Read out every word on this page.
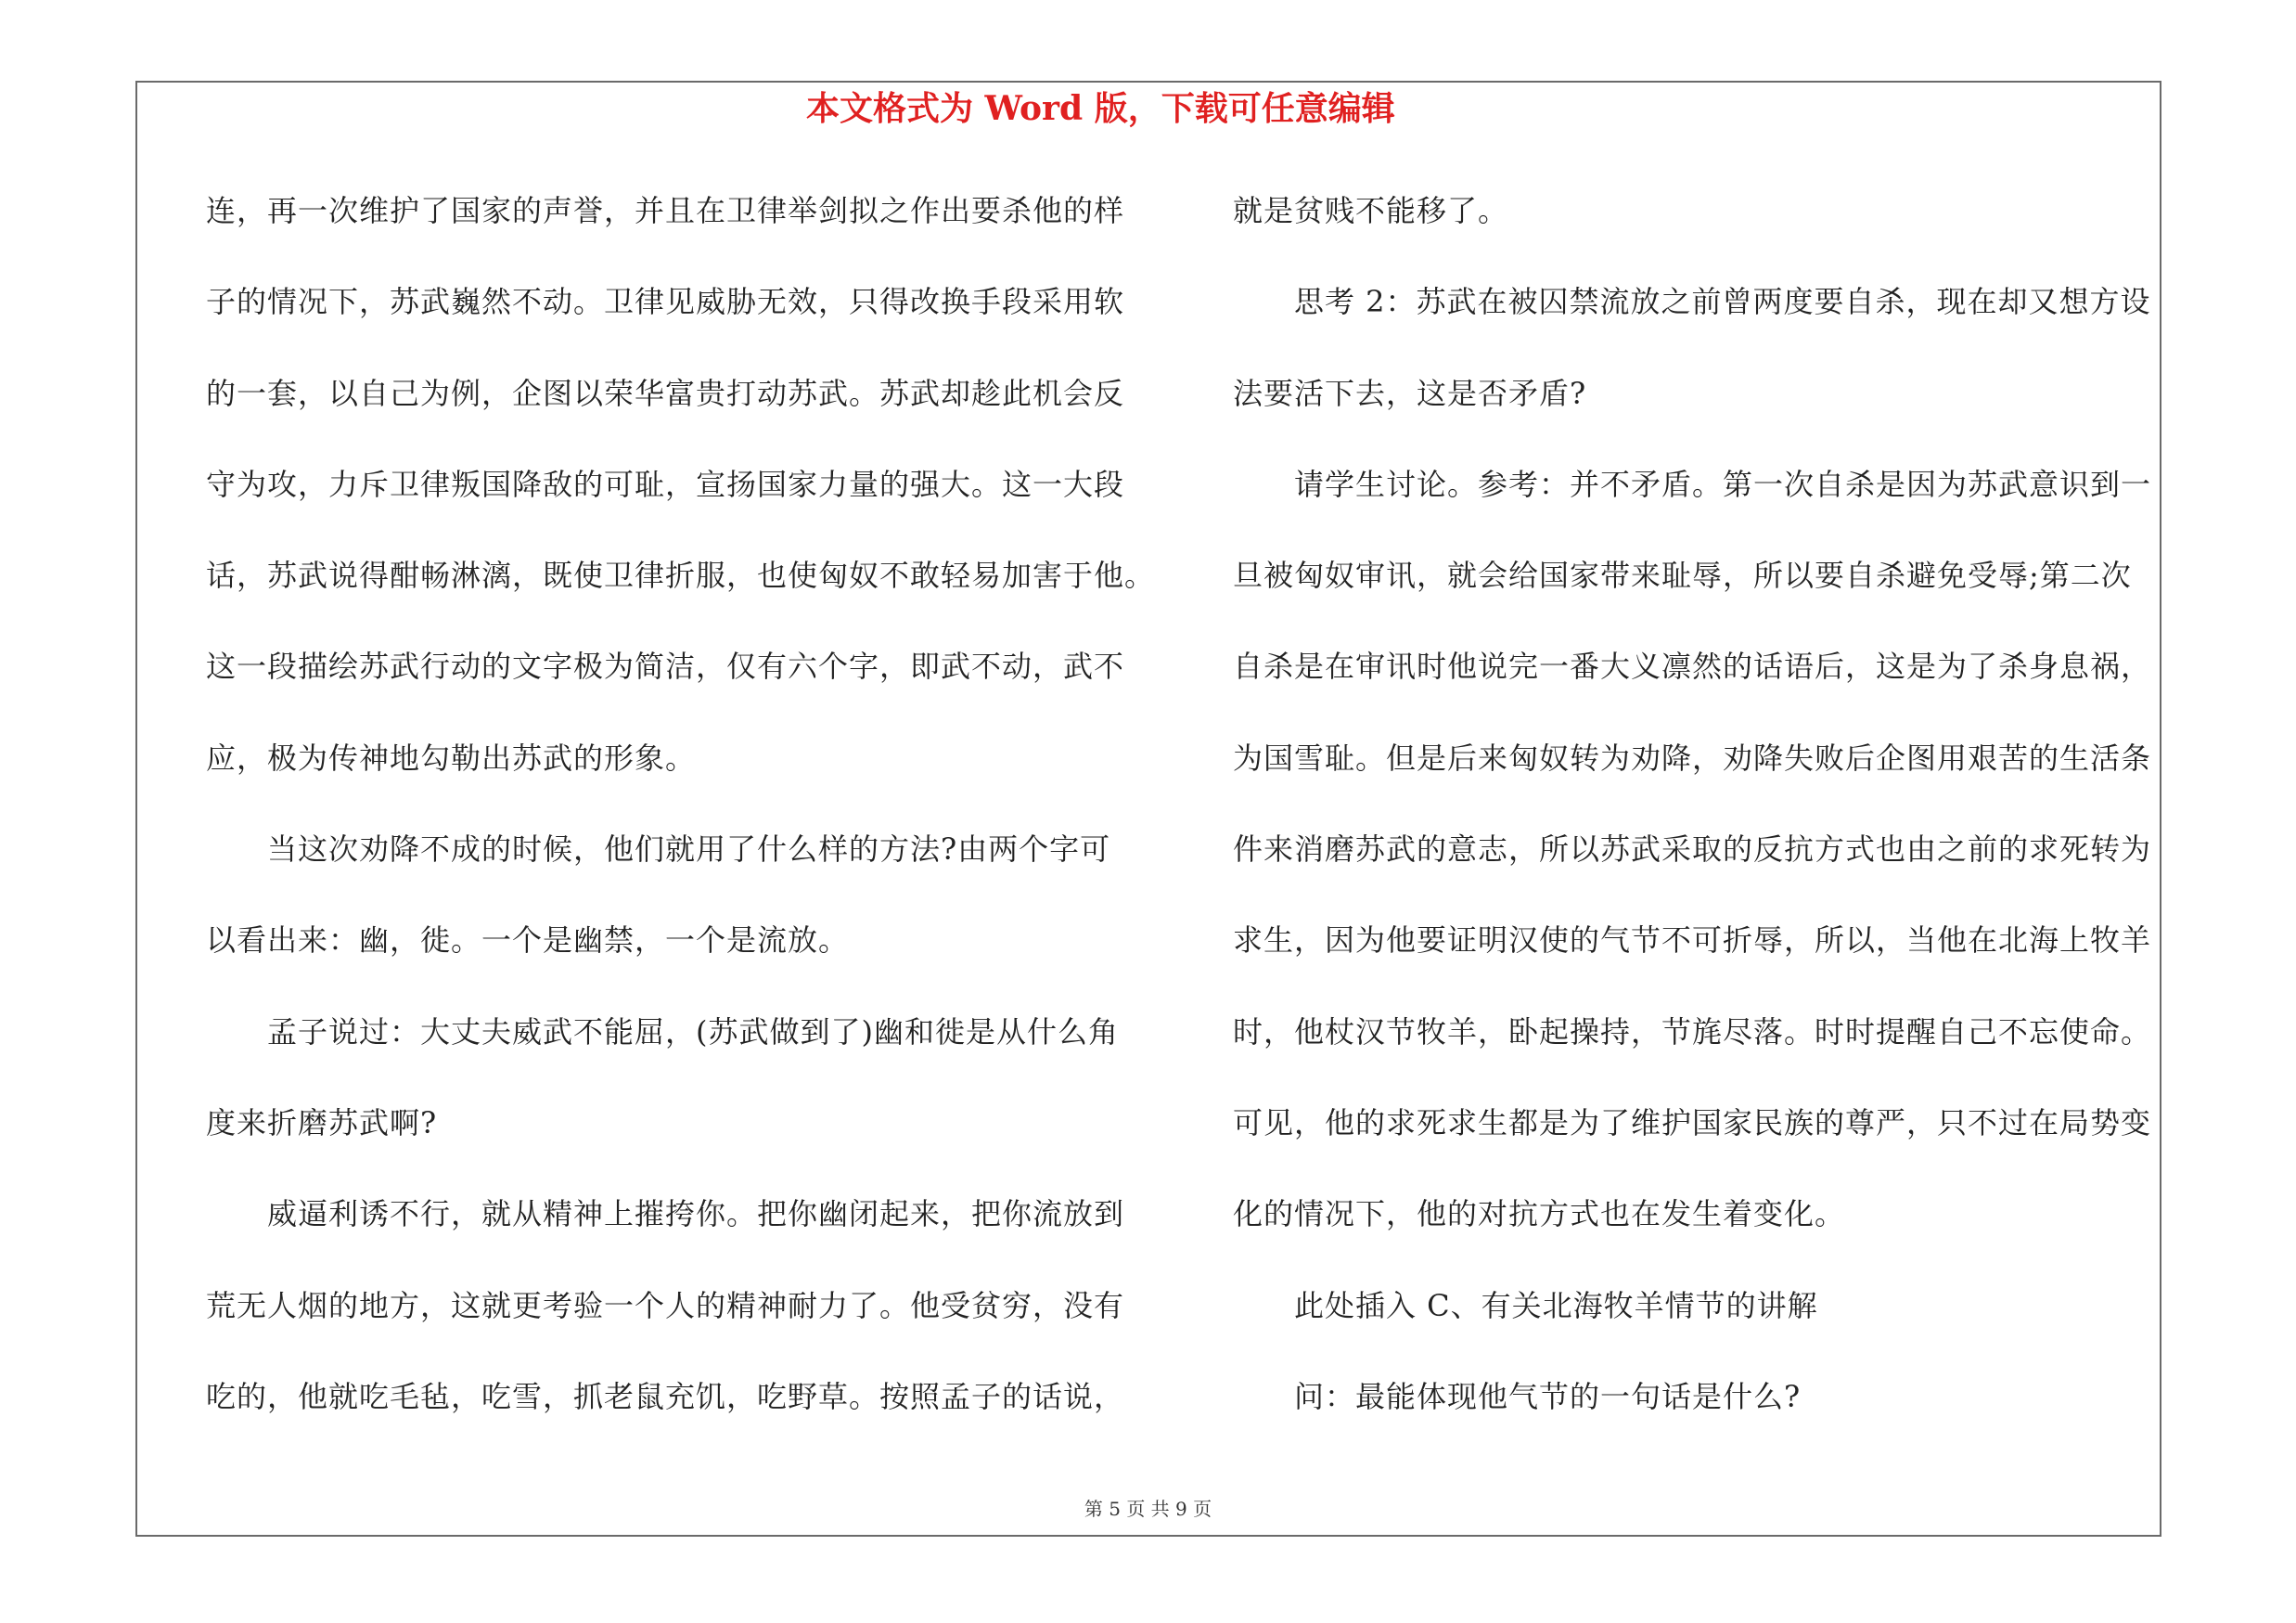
本文格式为 Word 版，下载可任意编辑
连，再一次维护了国家的声誉，并且在卫律举剑拟之作出要杀他的样
子的情况下，苏武巍然不动。卫律见威胁无效，只得改换手段采用软
的一套，以自己为例，企图以荣华富贵打动苏武。苏武却趁此机会反
守为攻，力斥卫律叛国降敌的可耻，宣扬国家力量的强大。这一大段
话，苏武说得酣畅淋漓，既使卫律折服，也使匈奴不敢轻易加害于他。
这一段描绘苏武行动的文字极为简洁，仅有六个字，即武不动，武不
应，极为传神地勾勒出苏武的形象。
当这次劝降不成的时候，他们就用了什么样的方法?由两个字可
以看出来：幽，徙。一个是幽禁，一个是流放。
孟子说过：大丈夫威武不能屈，(苏武做到了)幽和徙是从什么角
度来折磨苏武啊?
威逼利诱不行，就从精神上摧挎你。把你幽闭起来，把你流放到
荒无人烟的地方，这就更考验一个人的精神耐力了。他受贫穷，没有
吃的，他就吃毛毡，吃雪，抓老鼠充饥，吃野草。按照孟子的话说，
就是贫贱不能移了。
思考 2：苏武在被囚禁流放之前曾两度要自杀，现在却又想方设
法要活下去，这是否矛盾?
请学生讨论。参考：并不矛盾。第一次自杀是因为苏武意识到一
旦被匈奴审讯，就会给国家带来耻辱，所以要自杀避免受辱;第二次
自杀是在审讯时他说完一番大义凛然的话语后，这是为了杀身息祸，
为国雪耻。但是后来匈奴转为劝降，劝降失败后企图用艰苦的生活条
件来消磨苏武的意志，所以苏武采取的反抗方式也由之前的求死转为
求生，因为他要证明汉使的气节不可折辱，所以，当他在北海上牧羊
时，他杖汉节牧羊，卧起操持，节旄尽落。时时提醒自己不忘使命。
可见，他的求死求生都是为了维护国家民族的尊严，只不过在局势变
化的情况下，他的对抗方式也在发生着变化。
此处插入 C、有关北海牧羊情节的讲解
问：最能体现他气节的一句话是什么?
第 5 页 共 9 页
